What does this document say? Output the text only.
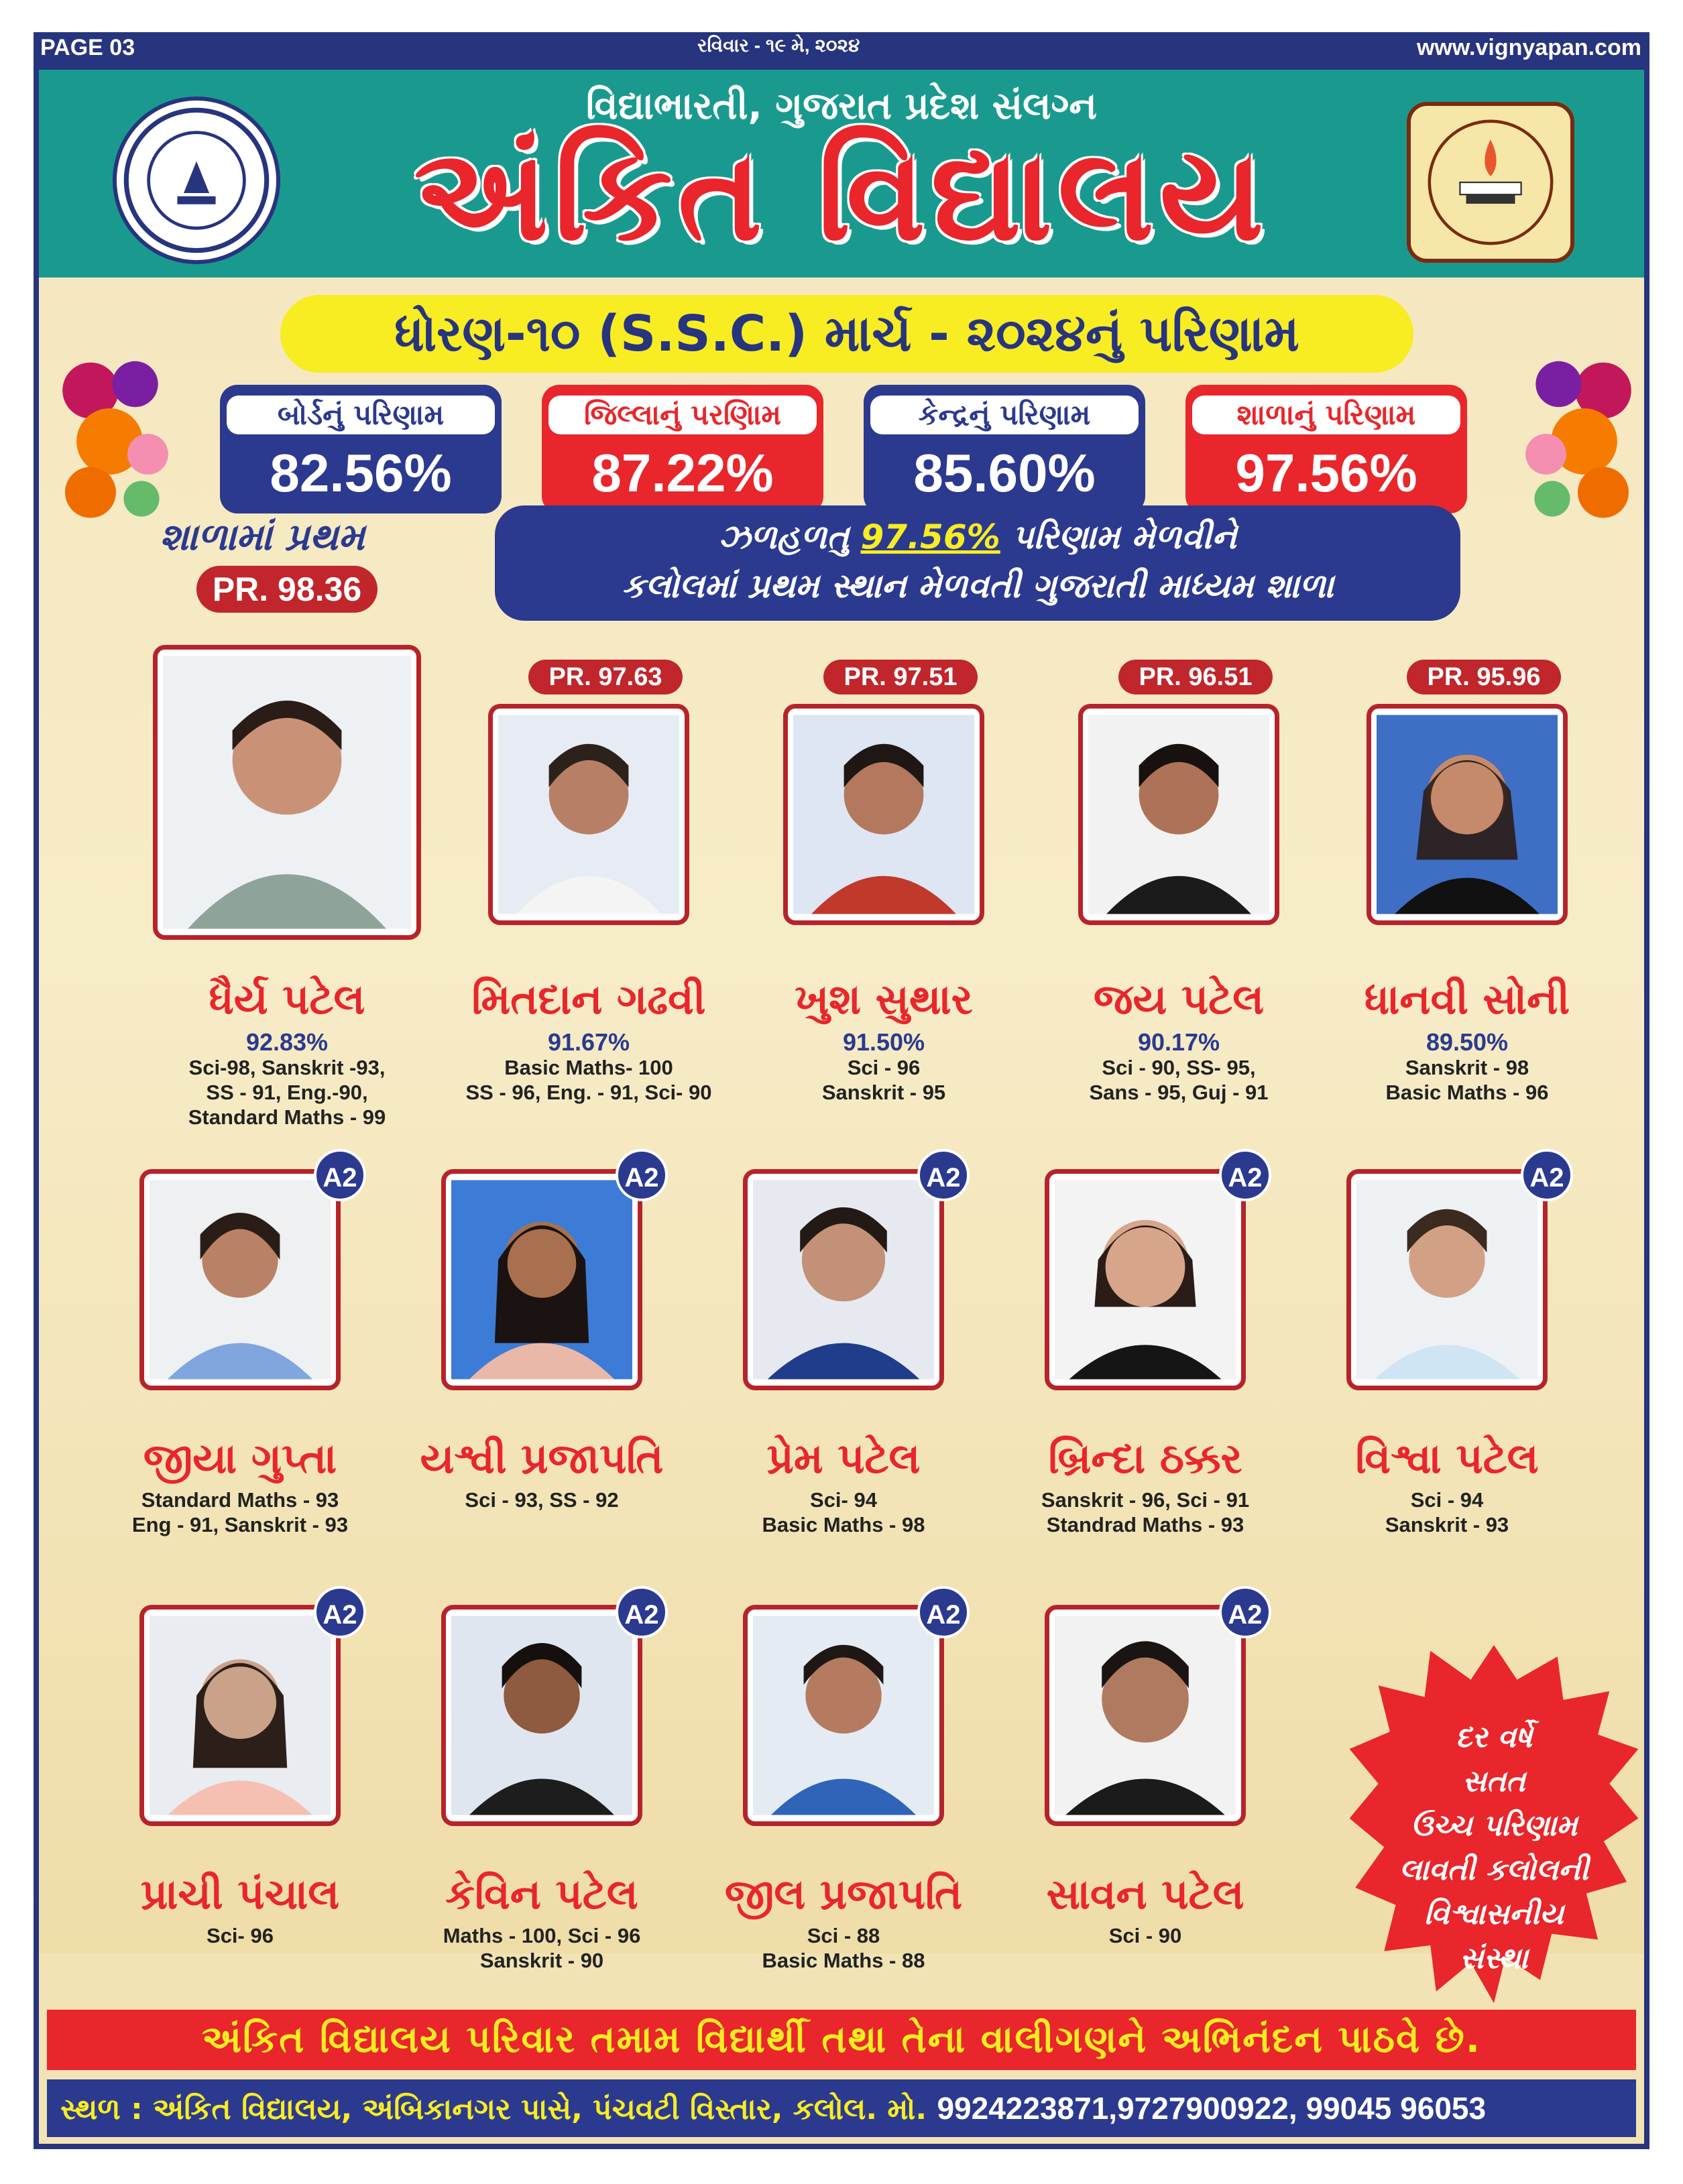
PAGE 03	રવિવાર - ૧૯ મે, ૨૦૨૪	www.vignyapan.com
વિદ્યાભારતી, ગુજરાત પ્રદેશ સંલગ્ન
અંકિત વિદ્યાલય
ધોરણ-૧૦ (S.S.C.) માર્ચ - ૨૦૨૪નું પરિણામ
બોર્ડનું પરિણામ
82.56%
જિલ્લાનું પરણિામ
87.22%
કેન્દ્રનું પરિણામ
85.60%
શાળાનું પરિણામ
97.56%
શાળામાં પ્રથમ
PR. 98.36
ઝળહળતુ 97.56% પરિણામ મેળવીને
કલોલમાં પ્રથમ સ્થાન મેળવતી ગુજરાતી માધ્યમ શાળા
PR. 97.63	PR. 97.51	PR. 96.51	PR. 95.96
ધૈર્ય પટેલ
92.83%
Sci-98, Sanskrit -93,
SS - 91, Eng.-90,
Standard Maths - 99
મિતદાન ગઢવી
91.67%
Basic Maths- 100
SS - 96, Eng. - 91, Sci- 90
ખુશ સુથાર
91.50%
Sci - 96
Sanskrit - 95
જય પટેલ
90.17%
Sci - 90, SS- 95,
Sans - 95, Guj - 91
ધાનવી સોની
89.50%
Sanskrit - 98
Basic Maths - 96
A2	A2	A2	A2	A2
જીયા ગુપ્તા
Standard Maths - 93
Eng - 91, Sanskrit - 93
યશ્વી પ્રજાપતિ
Sci - 93, SS - 92
પ્રેમ પટેલ
Sci- 94
Basic Maths - 98
બ્રિન્દા ઠક્કર
Sanskrit - 96, Sci - 91
Standrad Maths - 93
વિશ્વા પટેલ
Sci - 94
Sanskrit - 93
A2	A2	A2	A2
પ્રાચી પંચાલ
Sci- 96
કેવિન પટેલ
Maths - 100, Sci - 96
Sanskrit - 90
જીલ પ્રજાપતિ
Sci - 88
Basic Maths - 88
સાવન પટેલ
Sci - 90
દર વર્ષે
સતત
ઉચ્ચ પરિણામ
લાવતી કલોલની
વિશ્વાસનીય
સંસ્થા
અંકિત વિદ્યાલય પરિવાર તમામ વિદ્યાર્થી તથા તેના વાલીગણને અભિનંદન પાઠવે છે.
સ્થળ : અંકિત વિદ્યાલય, અંબિકાનગર પાસે, પંચવટી વિસ્તાર, કલોલ. મો. 9924223871,9727900922, 99045 96053
